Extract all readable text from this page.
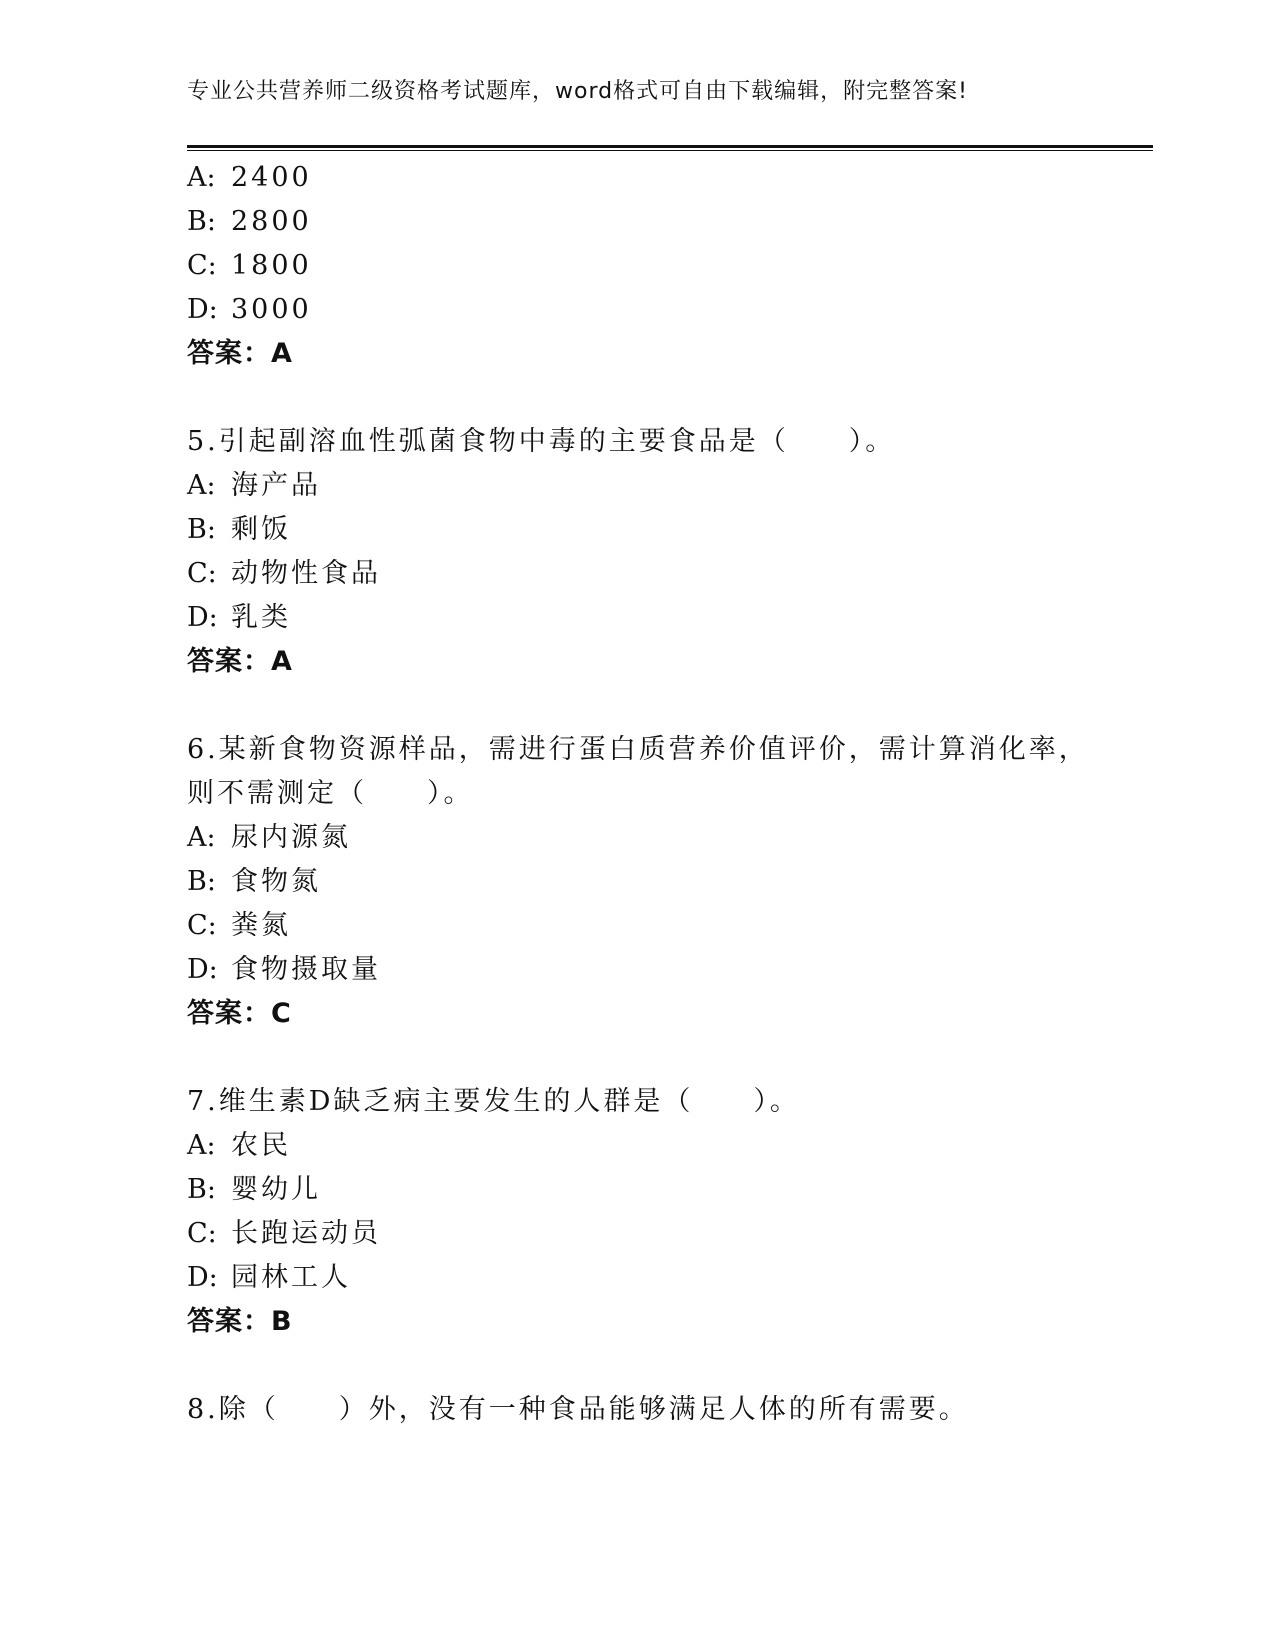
专业公共营养师二级资格考试题库，word格式可自由下载编辑，附完整答案!
A: 2400
B: 2800
C: 1800
D: 3000
答案：A
5.引起副溶血性弧菌食物中毒的主要食品是（　　）。
A: 海产品
B: 剩饭
C: 动物性食品
D: 乳类
答案：A
6.某新食物资源样品，需进行蛋白质营养价值评价，需计算消化率，
则不需测定（　　）。
A: 尿内源氮
B: 食物氮
C: 粪氮
D: 食物摄取量
答案：C
7.维生素D缺乏病主要发生的人群是（　　）。
A: 农民
B: 婴幼儿
C: 长跑运动员
D: 园林工人
答案：B
8.除（　　）外，没有一种食品能够满足人体的所有需要。
